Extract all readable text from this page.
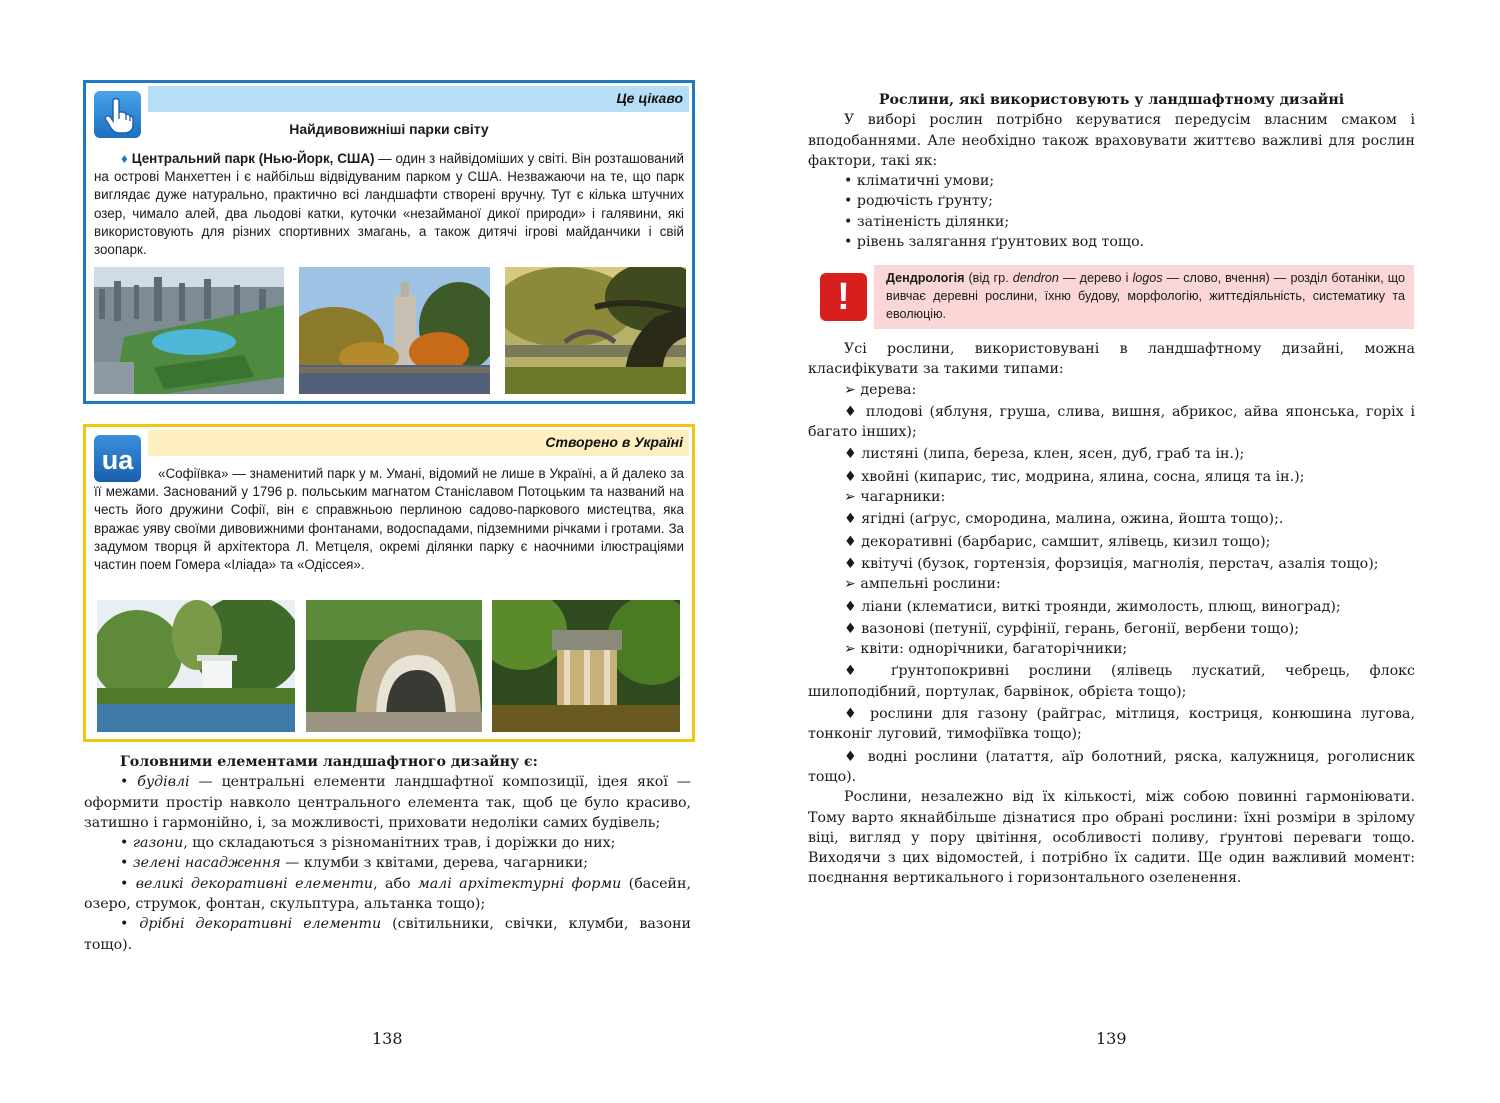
Це цікаво
Найдивовижніші парки світу
♦ Центральний парк (Нью-Йорк, США) — один з найвідоміших у світі. Він розташований на острові Манхеттен і є найбільш відвідуваним парком у США. Незважаючи на те, що парк виглядає дуже натурально, практично всі ландшафти створені вручну. Тут є кілька штучних озер, чимало алей, два льодові катки, куточки «незайманої дикої природи» і галявини, які використовують для різних спортивних змагань, а також дитячі ігрові майданчики і свій зоопарк.
Створено в Україні
ua	«Софіївка» — знаменитий парк у м. Умані, відомий не лише в Україні, а й далеко за її межами. Заснований у 1796 р. польським магнатом Станіславом Потоцьким та названий на честь його дружини Софії, він є справжньою перлиною садово-паркового мистецтва, яка вражає уяву своїми дивовижними фонтанами, водоспадами, підземними річками і гротами. За задумом творця й архітектора Л. Метцеля, окремі ділянки парку є наочними ілюстраціями частин поем Гомера «Іліада» та «Одіссея».
Головними елементами ландшафтного дизайну є:
• будівлі — центральні елементи ландшафтної композиції, ідея якої — оформити простір навколо центрального елемента так, щоб це було красиво, затишно і гармонійно, і, за можливості, приховати недоліки самих будівель;
• газони, що складаються з різноманітних трав, і доріжки до них;
• зелені насадження — клумби з квітами, дерева, чагарники;
• великі декоративні елементи, або малі архітектурні форми (басейн, озеро, струмок, фонтан, скульптура, альтанка тощо);
• дрібні декоративні елементи (світильники, свічки, клумби, вазони тощо).
138	139
Рослини, які використовують у ландшафтному дизайні
У виборі рослин потрібно керуватися передусім власним смаком і вподобаннями. Але необхідно також враховувати життєво важливі для рослин фактори, такі як:
• кліматичні умови;
• родючість ґрунту;
• затіненість ділянки;
• рівень залягання ґрунтових вод тощо.
!	Дендрологія (від гр. dendron — дерево і logos — слово, вчення) — розділ ботаніки, що вивчає деревні рослини, їхню будову, морфологію, життєдіяльність, систематику та еволюцію.
Усі рослини, використовувані в ландшафтному дизайні, можна класифікувати за такими типами:
➢ дерева:
♦ плодові (яблуня, груша, слива, вишня, абрикос, айва японська, горіх і багато інших);
♦ листяні (липа, береза, клен, ясен, дуб, граб та ін.);
♦ хвойні (кипарис, тис, модрина, ялина, сосна, ялиця та ін.);
➢ чагарники:
♦ ягідні (аґрус, смородина, малина, ожина, йошта тощо);.
♦ декоративні (барбарис, самшит, ялівець, кизил тощо);
♦ квітучі (бузок, гортензія, форзиція, магнолія, перстач, азалія тощо);
➢ ампельні рослини:
♦ ліани (клематиси, виткі троянди, жимолость, плющ, виноград);
♦ вазонові (петунії, сурфінії, герань, бегонії, вербени тощо);
➢ квіти: однорічники, багаторічники;
♦ ґрунтопокривні рослини (ялівець лускатий, чебрець, флокс шилоподібний, портулак, барвінок, обрієта тощо);
♦ рослини для газону (райграс, мітлиця, костриця, конюшина лугова, тонконіг луговий, тимофіївка тощо);
♦ водні рослини (латаття, аїр болотний, ряска, калужниця, роголисник тощо).
Рослини, незалежно від їх кількості, між собою повинні гармоніювати. Тому варто якнайбільше дізнатися про обрані рослини: їхні розміри в зрілому віці, вигляд у пору цвітіння, особливості поливу, ґрунтові переваги тощо. Виходячи з цих відомостей, і потрібно їх садити. Ще один важливий момент: поєднання вертикального і горизонтального озеленення.
